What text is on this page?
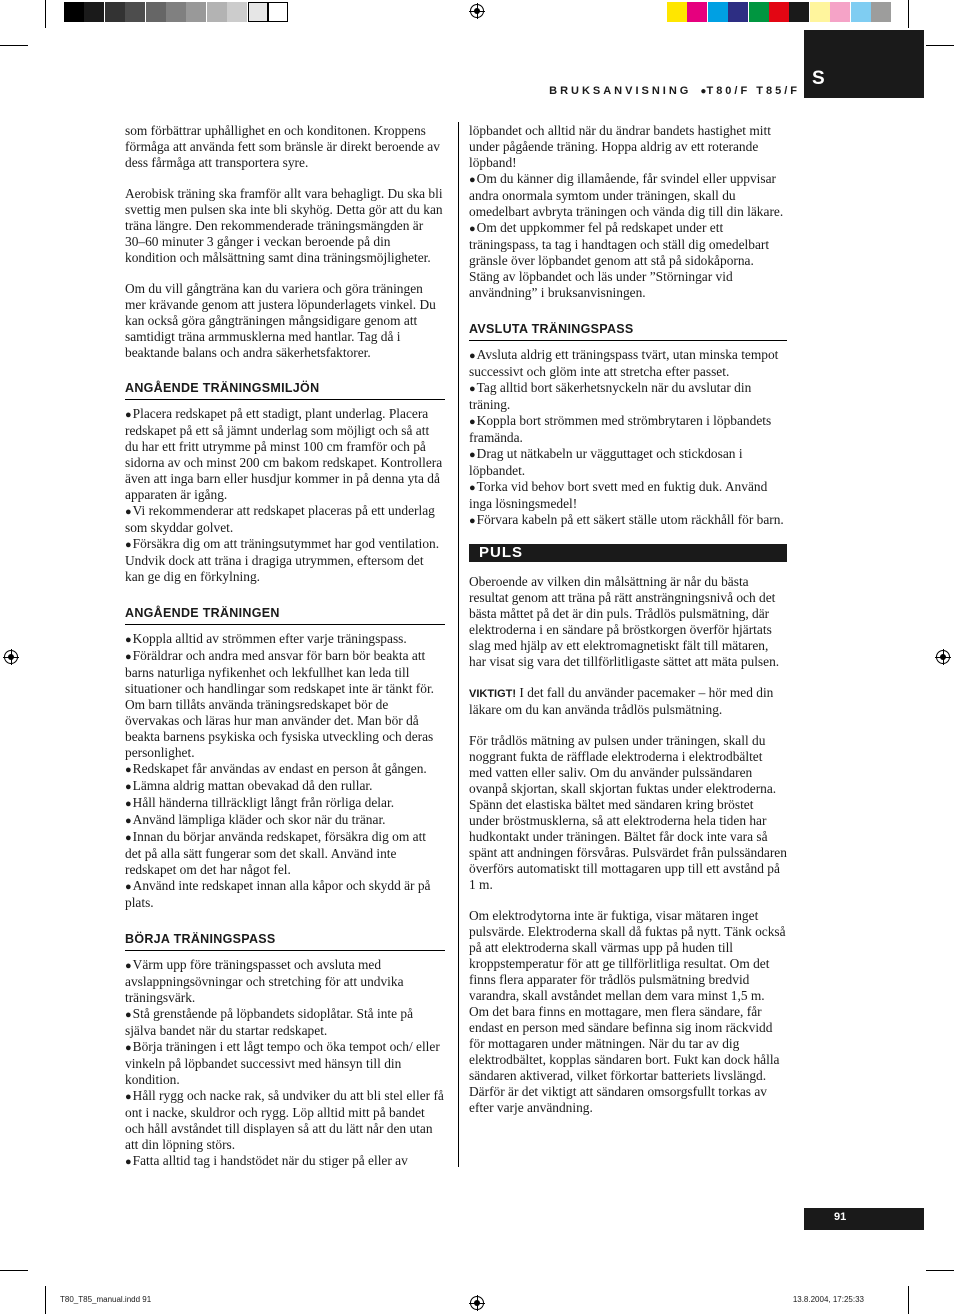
BRUKSANVISNING ●T80/F T85/F
S

som förbättrar uphållighet en och konditonen. Kroppens förmåga att använda fett som bränsle är direkt beroende av dess fårmåga att transportera syre.

Aerobisk träning ska framför allt vara behagligt. Du ska bli svettig men pulsen ska inte bli skyhög. Detta gör att du kan träna längre. Den rekommenderade träningsmängden är 30–60 minuter 3 gånger i veckan beroende på din kondition och målsättning samt dina träningsmöjligheter.

Om du vill gångträna kan du variera och göra träningen mer krävande genom att justera löpunderlagets vinkel. Du kan också göra gångträningen mångsidigare genom att samtidigt träna armmusklerna med hantlar. Tag då i beaktande balans och andra säkerhetsfaktorer.

ANGÅENDE TRÄNINGSMILJÖN
● Placera redskapet på ett stadigt, plant underlag. Placera redskapet på ett så jämnt underlag som möjligt och så att du har ett fritt utrymme på minst 100 cm framför och på sidorna av och minst 200 cm bakom redskapet. Kontrollera även att inga barn eller husdjur kommer in på denna yta då apparaten är igång.
● Vi rekommenderar att redskapet placeras på ett underlag som skyddar golvet.
● Försäkra dig om att träningsutymmet har god ventilation. Undvik dock att träna i dragiga utrymmen, eftersom det kan ge dig en förkylning.
ANGÅENDE TRÄNINGEN
● Koppla alltid av strömmen efter varje träningspass.
● Föräldrar och andra med ansvar för barn bör beakta att barns naturliga nyfikenhet och lekfullhet kan leda till situationer och handlingar som redskapet inte är tänkt för. Om barn tillåts använda träningsredskapet bör de övervakas och läras hur man använder det. Man bör då beakta barnens psykiska och fysiska utveckling och deras personlighet.
● Redskapet får användas av endast en person åt gången.
● Lämna aldrig mattan obevakad då den rullar.
● Håll händerna tillräckligt långt från rörliga delar.
● Använd lämpliga kläder och skor när du tränar.
● Innan du börjar använda redskapet, försäkra dig om att det på alla sätt fungerar som det skall. Använd inte redskapet om det har något fel.
● Använd inte redskapet innan alla kåpor och skydd är på plats.
BÖRJA TRÄNINGSPASS
● Värm upp före träningspasset och avsluta med avslappningsövningar och stretching för att undvika träningsvärk.
● Stå grenstående på löpbandets sidoplåtar. Stå inte på själva bandet när du startar redskapet.
● Börja träningen i ett lågt tempo och öka tempot och/ eller vinkeln på löpbandet successivt med hänsyn till din kondition.
● Håll rygg och nacke rak, så undviker du att bli stel eller få ont i nacke, skuldror och rygg. Löp alltid mitt på bandet och håll avståndet till displayen så att du lätt når den utan att din löpning störs.
● Fatta alltid tag i handstödet när du stiger på eller av
löpbandet och alltid när du ändrar bandets hastighet mitt under pågående träning. Hoppa aldrig av ett roterande löpband!
● Om du känner dig illamående, får svindel eller uppvisar andra onormala symtom under träningen, skall du omedelbart avbryta träningen och vända dig till din läkare.
● Om det uppkommer fel på redskapet under ett träningspass, ta tag i handtagen och ställ dig omedelbart gränsle över löpbandet genom att stå på sidokåporna. Stäng av löpbandet och läs under ”Störningar vid användning” i bruksanvisningen.
AVSLUTA TRÄNINGSPASS
● Avsluta aldrig ett träningspass tvärt, utan minska tempot successivt och glöm inte att stretcha efter passet.
● Tag alltid bort säkerhetsnyckeln när du avslutar din träning.
● Koppla bort strömmen med strömbrytaren i löpbandets framända.
● Drag ut nätkabeln ur vägguttaget och stickdosan i löpbandet.
● Torka vid behov bort svett med en fuktig duk. Använd inga lösningsmedel!
● Förvara kabeln på ett säkert ställe utom räckhåll för barn.
PULS

Oberoende av vilken din målsättning är når du bästa resultat genom att träna på rätt ansträngningsnivå och det bästa måttet på det är din puls. Trådlös pulsmätning, där elektroderna i en sändare på bröstkorgen överför hjärtats slag med hjälp av ett elektromagnetiskt fält till mätaren, har visat sig vara det tillförlitligaste sättet att mäta pulsen.

VIKTIGT! I det fall du använder pacemaker – hör med din läkare om du kan använda trådlös pulsmätning.

För trådlös mätning av pulsen under träningen, skall du noggrant fukta de räfflade elektroderna i elektrodbältet med vatten eller saliv. Om du använder pulssändaren ovanpå skjortan, skall skjortan fuktas under elektroderna. Spänn det elastiska bältet med sändaren kring bröstet under bröstmusklerna, så att elektroderna hela tiden har hudkontakt under träningen. Bältet får dock inte vara så spänt att andningen försvåras. Pulsvärdet från pulssändaren överförs automatiskt till mottagaren upp till ett avstånd på 1 m.

Om elektrodytorna inte är fuktiga, visar mätaren inget pulsvärde. Elektroderna skall då fuktas på nytt. Tänk också på att elektroderna skall värmas upp på huden till kroppstemperatur för att ge tillförlitliga resultat. Om det finns flera apparater för trådlös pulsmätning bredvid varandra, skall avståndet mellan dem vara minst 1,5 m. Om det bara finns en mottagare, men flera sändare, får endast en person med sändare befinna sig inom räckvidd för mottagaren under mätningen. När du tar av dig elektrodbältet, kopplas sändaren bort. Fukt kan dock hålla sändaren aktiverad, vilket förkortar batteriets livslängd. Därför är det viktigt att sändaren omsorgsfullt torkas av efter varje användning.

91
T80_T85_manual.indd 91	13.8.2004, 17:25:33
